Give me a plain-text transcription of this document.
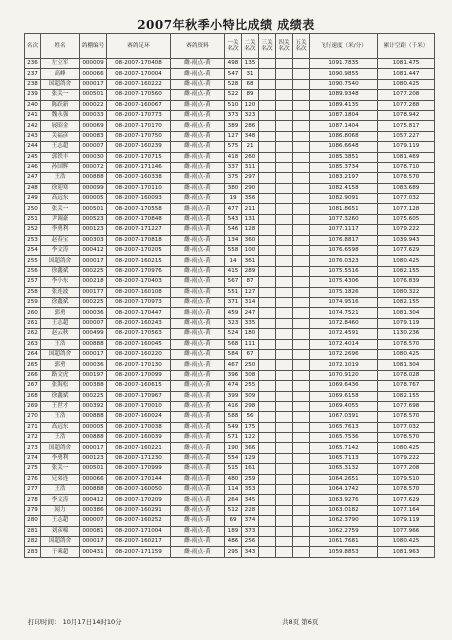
2007年秋季小特比成绩 成绩表
名次	姓名	鸽棚编号	赛鸽足环	赛鸽资料	一关名次	二关名次	三关名次	四关名次	五关名次	飞行速度（米/分）	累计空距（千米）
236	左立军	000009	08-2007-170408	雌-雨点-黄	498	135				1091.7835	1081.475
237	高峰	000066	08-2007-170004	雌-雨点-黄	547	31				1090.9855	1081.447
238	国超鸽舍	000017	08-2007-160222	雌-雨点-黄	528	68				1090.7540	1080.425
239	张关一	000501	08-2007-170560	雌-雨点-黄	522	89				1089.9348	1077.208
240	陈跃新	000022	08-2007-160067	雌-雨点-黄	510	120				1089.4135	1077.288
241	魏永强	000033	08-2007-170773	雌-雨点-黄	373	323				1087.1804	1078.942
242	展昭金	000069	08-2007-170170	雌-雨点-黄	389	286				1087.1404	1075.817
243	关福彦	000083	08-2007-170750	雌-雨点-黄	127	348				1086.8068	1057.227
244	王志超	000007	08-2007-160239	雌-雨点-黄	575	21				1086.6648	1079.119
245	郭铁丰	000030	08-2007-170715	雌-雨点-黄	418	260				1085.3851	1081.469
246	孙国辉	000072	08-2007-171146	雌-雨点-黄	337	311				1085.3734	1078.710
247	王浩	000888	08-2007-160338	雌-雨点-黄	375	297				1083.2197	1078.570
248	徐迎寒	000099	08-2007-170110	雌-雨点-黄	380	290				1082.4158	1083.689
249	高远东	000005	08-2007-160093	雌-雨点-黄	19	356				1082.9091	1077.032
250	张关一	000501	08-2007-170558	雌-雨点-黄	477	211				1081.8651	1077.128
251	尹调豪	000523	08-2007-170848	雌-雨点-黄	543	131				1077.3260	1075.605
252	李勇利	000123	08-2007-171227	雌-雨点-黄	546	128				1077.1117	1079.222
253	赵春宝	000303	08-2007-170818	雌-雨点-黄	134	360				1076.8817	1039.943
254	李文涛	000412	08-2007-170205	雌-雨点-黄	558	100				1076.6598	1077.629
255	国超鸽舍	000017	08-2007-160215	雌-雨点-黄	14	361				1076.0323	1080.425
256	徐鑫斌	000225	08-2007-170976	雌-雨点-黄	415	289				1075.5516	1082.155
257	李小东	000218	08-2007-170403	雌-雨点-黄	567	87				1075.4306	1076.839
258	张连波	000177	08-2007-160108	雌-雨点-黄	551	127				1075.1826	1080.322
259	徐鑫斌	000225	08-2007-170973	雌-雨点-黄	371	314				1074.9516	1082.155
260	郭勇	000036	08-2007-170447	雌-雨点-黄	459	247				1074.7521	1081.304
261	王志超	000007	08-2007-160243	雌-雨点-黄	323	335				1072.8460	1079.119
262	赵云秋	000499	08-2007-170563	雌-雨点-黄	524	180				1072.4591	1130.236
263	王浩	000888	08-2007-160045	雌-雨点-黄	568	111				1072.4014	1078.570
264	国超鸽舍	000017	08-2007-160220	雌-雨点-黄	584	67				1072.2696	1080.425
265	郭勇	000036	08-2007-170130	雌-雨点-黄	467	250				1072.1019	1081.304
266	路文虎	000197	08-2007-170099	雌-雨点-黄	396	308				1070.9120	1078.028
267	张海松	000388	08-2007-160615	雌-雨点-黄	474	255				1069.6436	1078.767
268	徐鑫斌	000225	08-2007-170967	雌-雨点-黄	399	309				1069.6158	1082.155
269	王世才	000392	08-2007-170010	雌-雨点-黄	416	298				1069.4055	1077.698
270	王浩	000888	08-2007-160024	雌-雨点-黄	588	56				1067.0391	1078.570
271	高远东	000005	08-2007-170038	雌-雨点-黄	549	175				1065.7613	1077.032
272	王浩	000888	08-2007-160039	雌-雨点-黄	571	122				1065.7536	1078.570
273	国超鸽舍	000017	08-2007-160221	雌-雨点-黄	190	366				1065.7142	1080.425
274	李勇利	000123	08-2007-171230	雌-雨点-黄	554	129				1065.7113	1079.222
275	张关一	000501	08-2007-170999	雌-雨点-黄	515	161				1065.3132	1077.208
276	兄弟连	000066	08-2007-170144	雌-雨点-黄	480	259				1064.2651	1079.510
277	王浩	000888	08-2007-160050	雌-雨点-黄	114	353				1064.1742	1078.570
278	李文涛	000412	08-2007-170209	雌-雨点-黄	264	345				1063.9276	1077.629
279	闻力	000386	08-2007-160291	雌-雨点-黄	512	228				1063.0182	1077.164
280	王志超	000007	08-2007-160252	雌-雨点-黄	69	374				1062.3790	1079.119
281	刘彦棉	000081	08-2007-171004	雌-雨点-黄	189	373				1062.2759	1077.966
282	国超鸽舍	000017	08-2007-160217	雌-雨点-黄	486	256				1061.7681	1080.425
283	于乘超	000431	08-2007-171159	雌-雨点-黄	295	343				1059.8853	1081.963
打印时间： 10月17日14时10分	共8页 第6页
